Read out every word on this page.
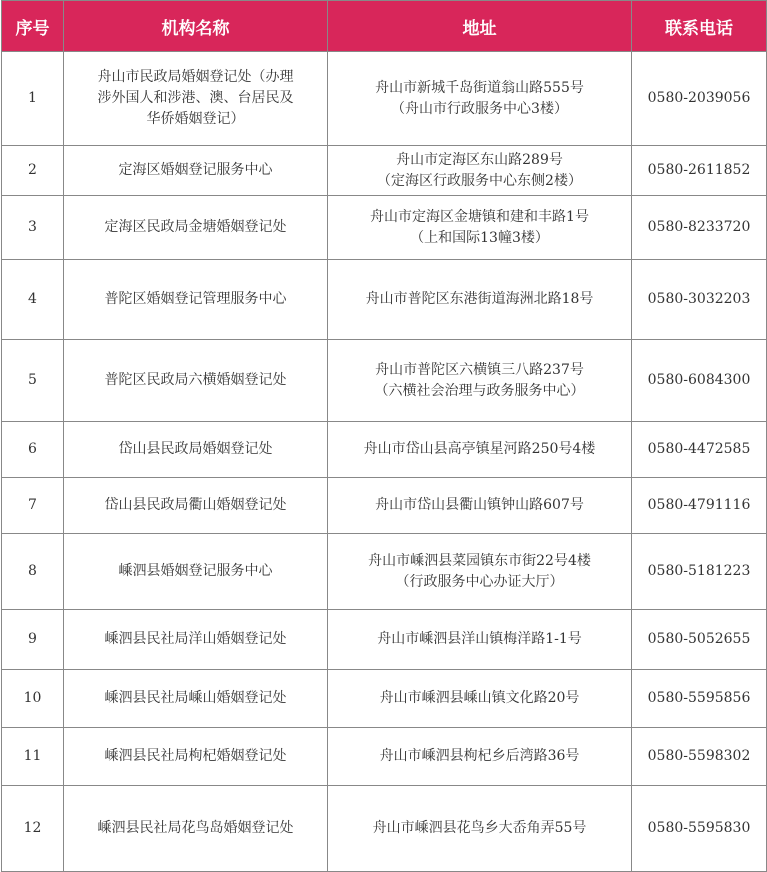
序号	机构名称	地址	联系电话
1	舟山市民政局婚姻登记处（办理
涉外国人和涉港、澳、台居民及
华侨婚姻登记）	舟山市新城千岛街道翁山路555号
（舟山市行政服务中心3楼）	0580-2039056
2	定海区婚姻登记服务中心	舟山市定海区东山路289号
（定海区行政服务中心东侧2楼）	0580-2611852
3	定海区民政局金塘婚姻登记处	舟山市定海区金塘镇和建和丰路1号
（上和国际13幢3楼）	0580-8233720
4	普陀区婚姻登记管理服务中心	舟山市普陀区东港街道海洲北路18号	0580-3032203
5	普陀区民政局六横婚姻登记处	舟山市普陀区六横镇三八路237号
（六横社会治理与政务服务中心）	0580-6084300
6	岱山县民政局婚姻登记处	舟山市岱山县高亭镇星河路250号4楼	0580-4472585
7	岱山县民政局衢山婚姻登记处	舟山市岱山县衢山镇钟山路607号	0580-4791116
8	嵊泗县婚姻登记服务中心	舟山市嵊泗县菜园镇东市街22号4楼
（行政服务中心办证大厅）	0580-5181223
9	嵊泗县民社局洋山婚姻登记处	舟山市嵊泗县洋山镇梅洋路1-1号	0580-5052655
10	嵊泗县民社局嵊山婚姻登记处	舟山市嵊泗县嵊山镇文化路20号	0580-5595856
11	嵊泗县民社局枸杞婚姻登记处	舟山市嵊泗县枸杞乡后湾路36号	0580-5598302
12	嵊泗县民社局花鸟岛婚姻登记处	舟山市嵊泗县花鸟乡大岙角弄55号	0580-5595830
